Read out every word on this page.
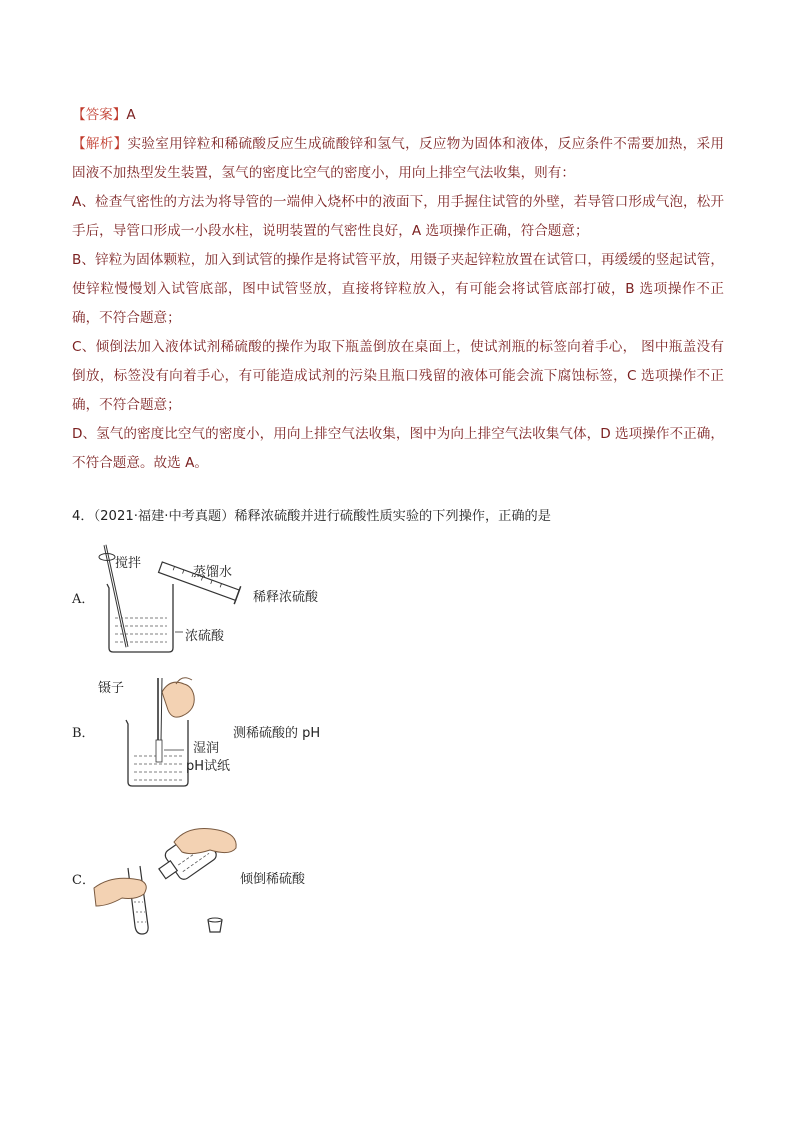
【答案】A

【解析】实验室用锌粒和稀硫酸反应生成硫酸锌和氢气，反应物为固体和液体，反应条件不需要加热，采用固液不加热型发生装置，氢气的密度比空气的密度小，用向上排空气法收集，则有：

A、检查气密性的方法为将导管的一端伸入烧杯中的液面下，用手握住试管的外壁，若导管口形成气泡，松开手后，导管口形成一小段水柱，说明装置的气密性良好，A 选项操作正确，符合题意；

B、锌粒为固体颗粒，加入到试管的操作是将试管平放，用镊子夹起锌粒放置在试管口，再缓缓的竖起试管，使锌粒慢慢划入试管底部，图中试管竖放，直接将锌粒放入，有可能会将试管底部打破，B 选项操作不正确，不符合题意；

C、倾倒法加入液体试剂稀硫酸的操作为取下瓶盖倒放在桌面上，使试剂瓶的标签向着手心， 图中瓶盖没有倒放，标签没有向着手心，有可能造成试剂的污染且瓶口残留的液体可能会流下腐蚀标签，C 选项操作不正确，不符合题意；

D、氢气的密度比空气的密度小，用向上排空气法收集，图中为向上排空气法收集气体，D 选项操作不正确，不符合题意。故选 A。

4．（2021·福建·中考真题）稀释浓硫酸并进行硫酸性质实验的下列操作，正确的是
A．
搅拌
蒸馏水
稀释浓硫酸
浓硫酸
B．
镊子
测稀硫酸的 pH
湿润
pH试纸
C．	倾倒稀硫酸
